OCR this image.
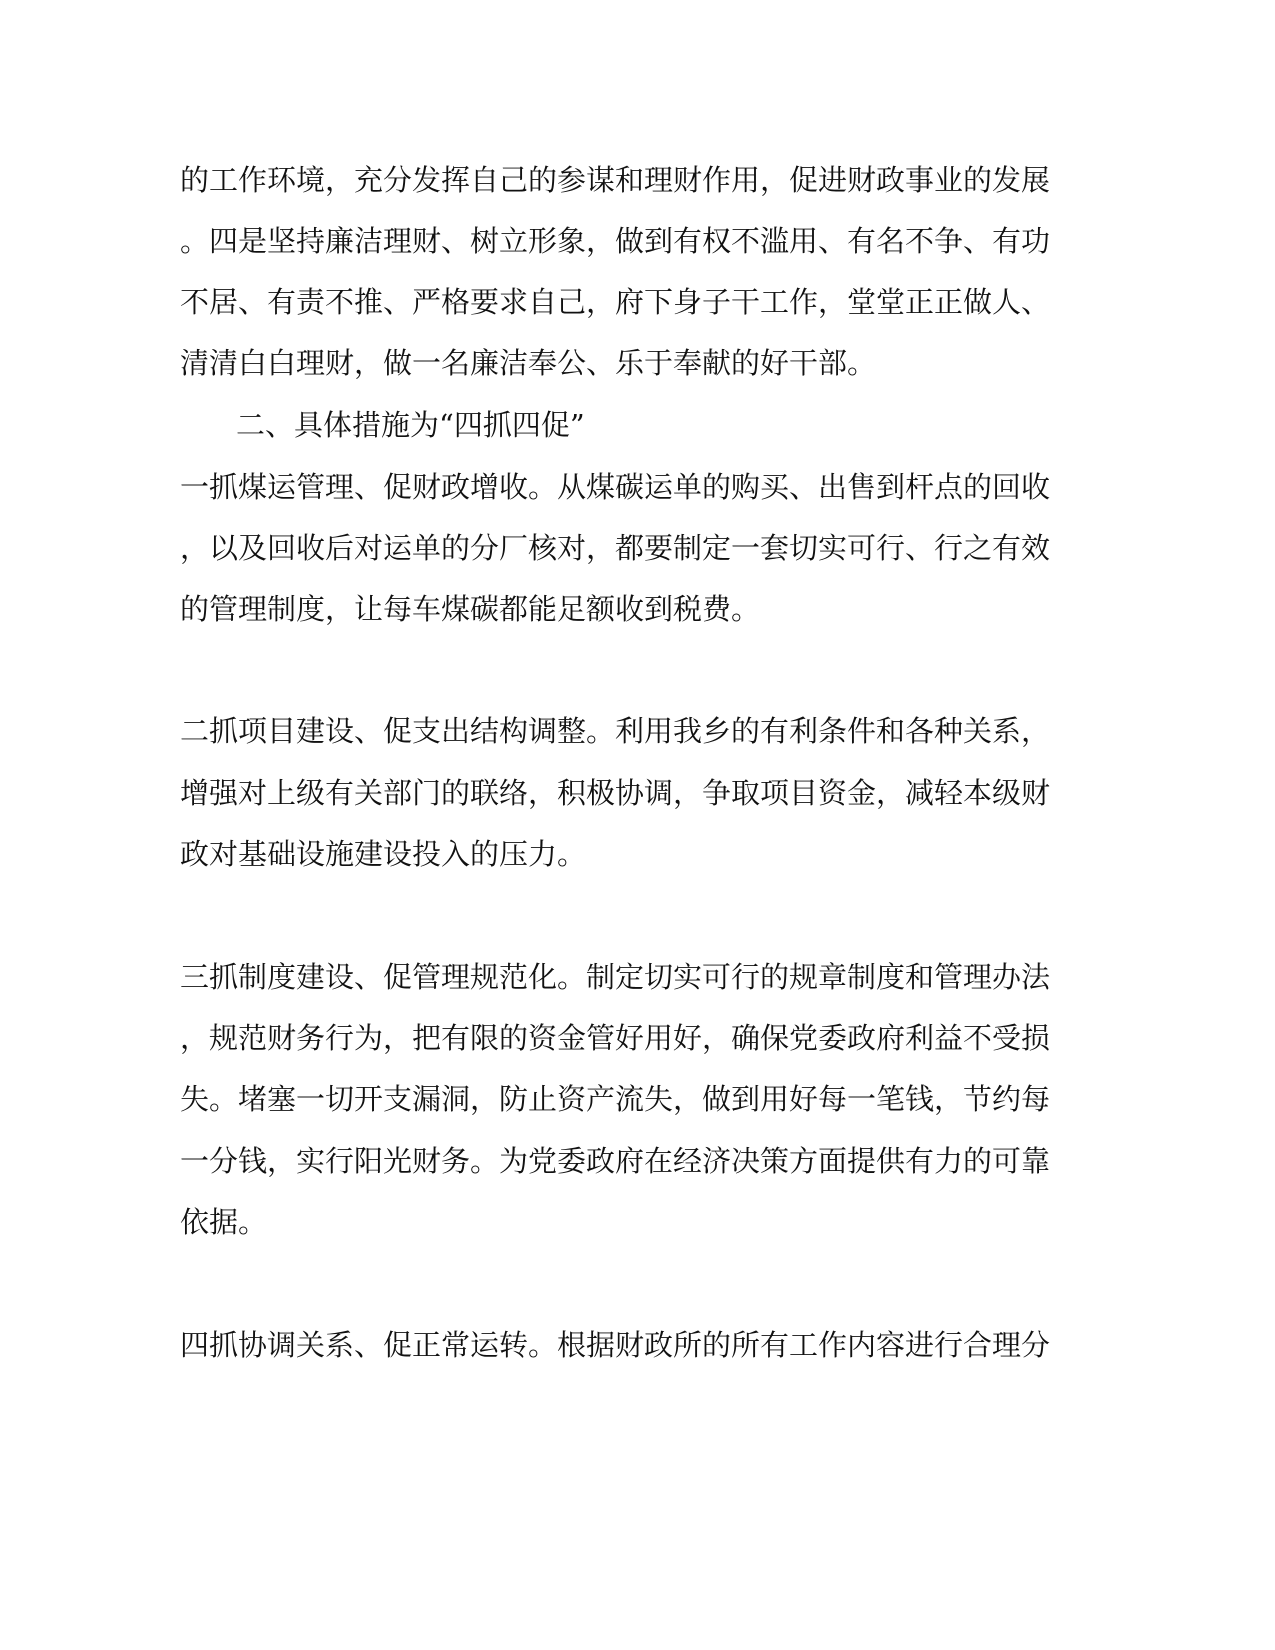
的工作环境，充分发挥自己的参谋和理财作用，促进财政事业的发展
。四是坚持廉洁理财、树立形象，做到有权不滥用、有名不争、有功
不居、有责不推、严格要求自己，府下身子干工作，堂堂正正做人、
清清白白理财，做一名廉洁奉公、乐于奉献的好干部。
二、具体措施为“四抓四促”
一抓煤运管理、促财政增收。从煤碳运单的购买、出售到杆点的回收
，以及回收后对运单的分厂核对，都要制定一套切实可行、行之有效
的管理制度，让每车煤碳都能足额收到税费。
二抓项目建设、促支出结构调整。利用我乡的有利条件和各种关系，
增强对上级有关部门的联络，积极协调，争取项目资金，减轻本级财
政对基础设施建设投入的压力。
三抓制度建设、促管理规范化。制定切实可行的规章制度和管理办法
，规范财务行为，把有限的资金管好用好，确保党委政府利益不受损
失。堵塞一切开支漏洞，防止资产流失，做到用好每一笔钱，节约每
一分钱，实行阳光财务。为党委政府在经济决策方面提供有力的可靠
依据。
四抓协调关系、促正常运转。根据财政所的所有工作内容进行合理分
